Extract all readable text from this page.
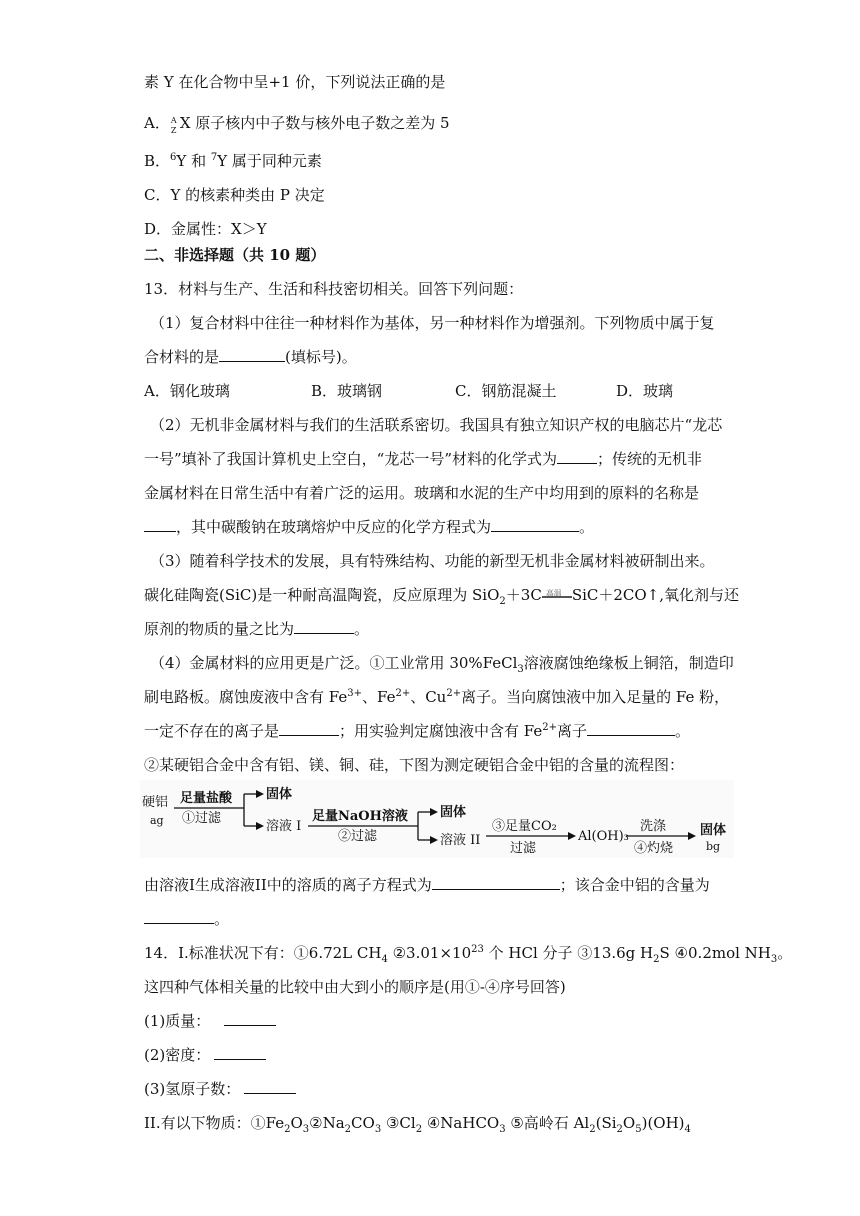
素 Y 在化合物中呈+1 价，下列说法正确的是
A． A
Z X 原子核内中子数与核外电子数之差为 5
B．$^6$Y 和 $^7$Y 属于同种元素
C．Y 的核素种类由 P 决定
D．金属性：X＞Y
二、非选择题（共 10 题）
13．材料与生产、生活和科技密切相关。回答下列问题：
（1）复合材料中往往一种材料作为基体，另一种材料作为增强剂。下列物质中属于复
合材料的是	(填标号)。
A．钢化玻璃	B．玻璃钢	C．钢筋混凝土	D．玻璃
（2）无机非金属材料与我们的生活联系密切。我国具有独立知识产权的电脑芯片“龙芯
一号”填补了我国计算机史上空白，“龙芯一号”材料的化学式为	；传统的无机非
金属材料在日常生活中有着广泛的运用。玻璃和水泥的生产中均用到的原料的名称是
，其中碳酸钠在玻璃熔炉中反应的化学方程式为	。
（3）随着科学技术的发展，具有特殊结构、功能的新型无机非金属材料被研制出来。
碳化硅陶瓷(SiC)是一种耐高温陶瓷，反应原理为 SiO$_2$＋3C 高温 SiC＋2CO↑,氧化剂与还
原剂的物质的量之比为	。
（4）金属材料的应用更是广泛。①工业常用 30%FeCl$_3$溶液腐蚀绝缘板上铜箔，制造印
刷电路板。腐蚀废液中含有 $Fe^{3+}$、$Fe^{2+}$、$Cu^{2+}$离子。当向腐蚀液中加入足量的 Fe 粉，
一定不存在的离子是	；用实验判定腐蚀液中含有 $Fe^{2+}$离子	。
②某硬铝合金中含有铝、镁、铜、硅，下图为测定硬铝合金中铝的含量的流程图：
硬铝
ag
足量盐酸
①过滤
固体
溶液 I
足量NaOH溶液
②过滤
固体
溶液 II
③足量CO₂
过滤
Al(OH)₃
洗涤
④灼烧
固体
bg
由溶液I生成溶液II中的溶质的离子方程式为	；该合金中铝的含量为
。
14．I.标准状况下有：①6.72L $CH_4$ $②3.01\times 10^{23}$ 个 HCl 分子 ③13.6g $H_2S$ ④0.2mol $NH_3$。
这四种气体相关量的比较中由大到小的顺序是(用①-④序号回答)
(1)质量：
(2)密度：
(3)氢原子数：
II.有以下物质：$①Fe_2O_3②Na_2CO_3$ $③Cl_2$ ④NaHCO$_3$ ⑤高岭石 $Al_2(Si_2O_5)(OH)_4$
